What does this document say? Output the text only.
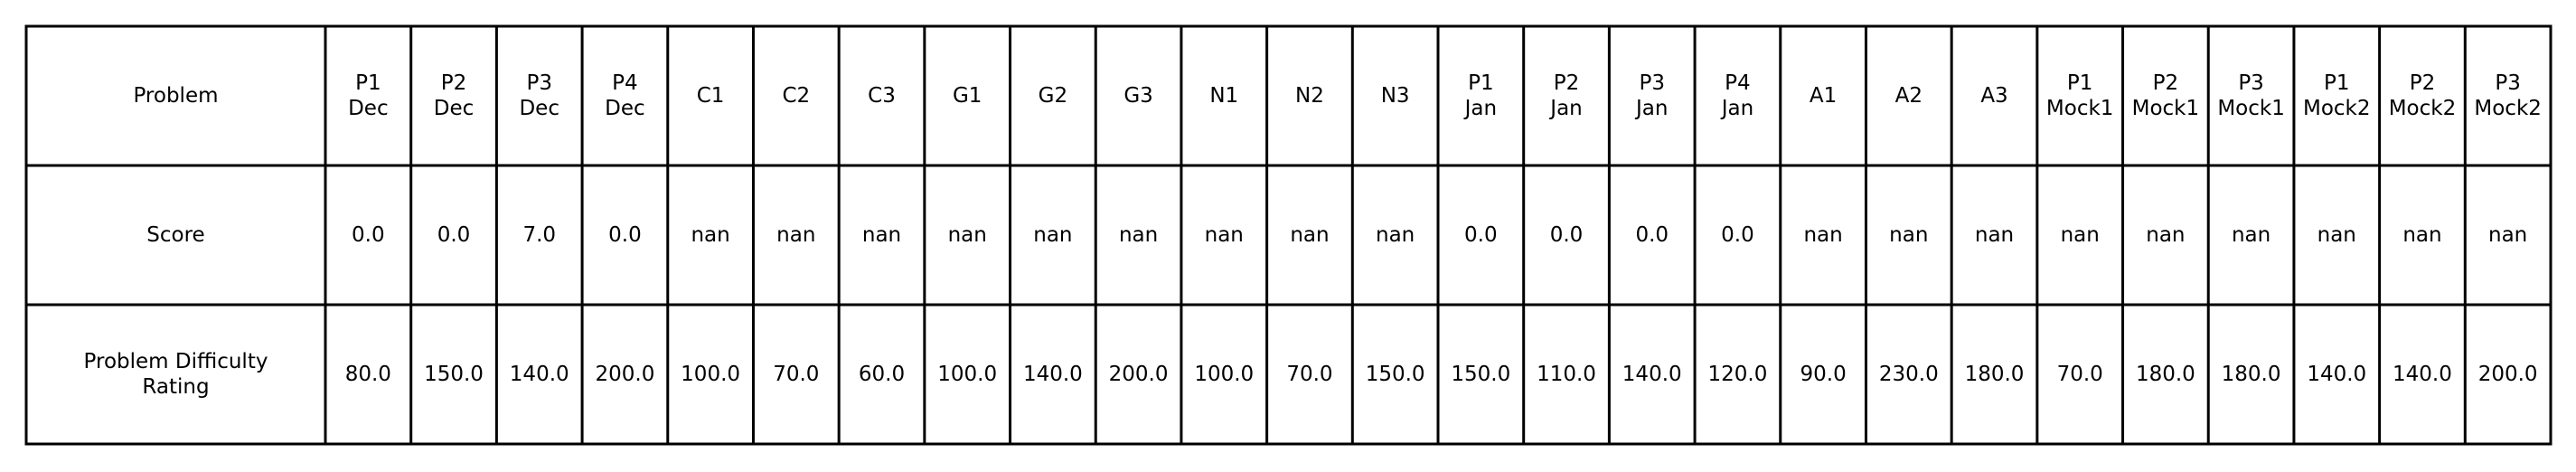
Problem
Score
Problem Difficulty Rating
P1 Dec
0.0
80.0
P2 Dec
0.0
150.0
P3 Dec
7.0
140.0
P4 Dec
0.0
200.0
C1
nan
100.0
C2
nan
70.0
C3
nan
60.0
G1
nan
100.0
G2
nan
140.0
G3
nan
200.0
N1
nan
100.0
N2
nan
70.0
N3
nan
150.0
P1 Jan
0.0
150.0
P2 Jan
0.0
110.0
P3 Jan
0.0
140.0
P4 Jan
0.0
120.0
A1
nan
90.0
A2
nan
230.0
A3
nan
180.0
P1 Mock1
nan
70.0
P2 Mock1
nan
180.0
P3 Mock1
nan
180.0
P1 Mock2
nan
140.0
P2 Mock2
nan
140.0
P3 Mock2
nan
200.0
